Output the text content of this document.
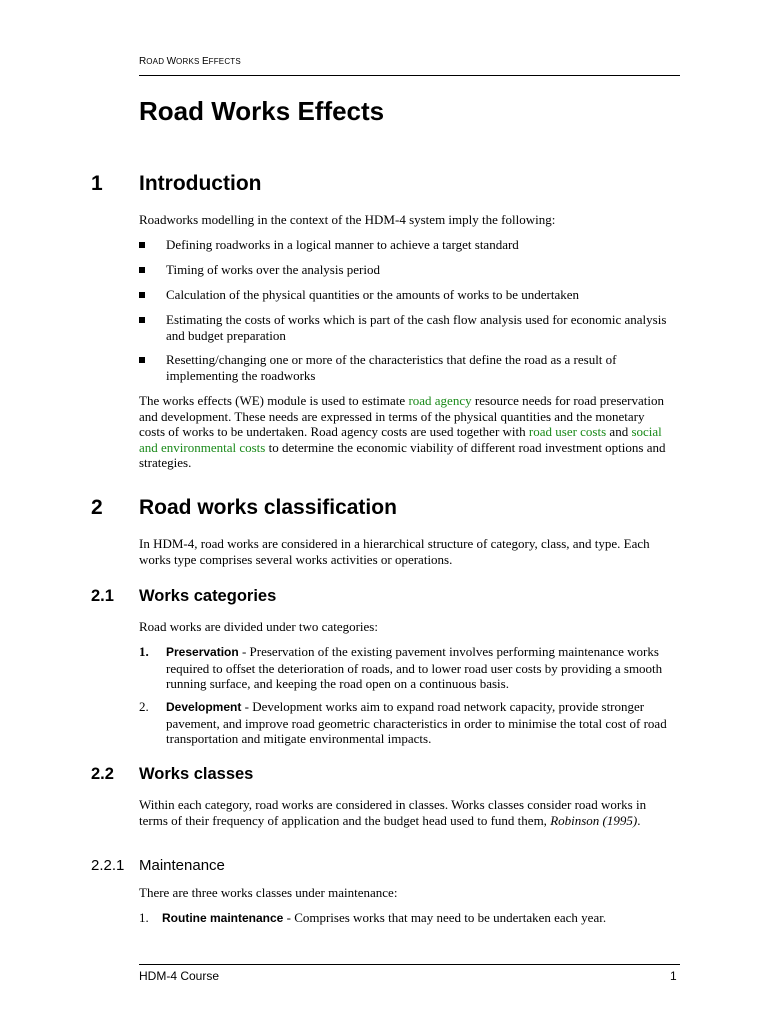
ROAD WORKS EFFECTS
Road Works Effects
1 Introduction

Roadworks modelling in the context of the HDM-4 system imply the following:

Defining roadworks in a logical manner to achieve a target standard
Timing of works over the analysis period
Calculation of the physical quantities or the amounts of works to be undertaken
Estimating the costs of works which is part of the cash flow analysis used for economic analysis and budget preparation
Resetting/changing one or more of the characteristics that define the road as a result of implementing the roadworks

The works effects (WE) module is used to estimate road agency resource needs for road preservation and development. These needs are expressed in terms of the physical quantities and the monetary costs of works to be undertaken. Road agency costs are used together with road user costs and social and environmental costs to determine the economic viability of different road investment options and strategies.

2 Road works classification

In HDM-4, road works are considered in a hierarchical structure of category, class, and type. Each works type comprises several works activities or operations.

2.1 Works categories

Road works are divided under two categories:

1. Preservation - Preservation of the existing pavement involves performing maintenance works required to offset the deterioration of roads, and to lower road user costs by providing a smooth running surface, and keeping the road open on a continuous basis.
2. Development - Development works aim to expand road network capacity, provide stronger pavement, and improve road geometric characteristics in order to minimise the total cost of road transportation and mitigate environmental impacts.
2.2 Works classes

Within each category, road works are considered in classes. Works classes consider road works in terms of their frequency of application and the budget head used to fund them, Robinson (1995).

2.2.1 Maintenance

There are three works classes under maintenance:

1. Routine maintenance - Comprises works that may need to be undertaken each year.
HDM-4 Course	1
